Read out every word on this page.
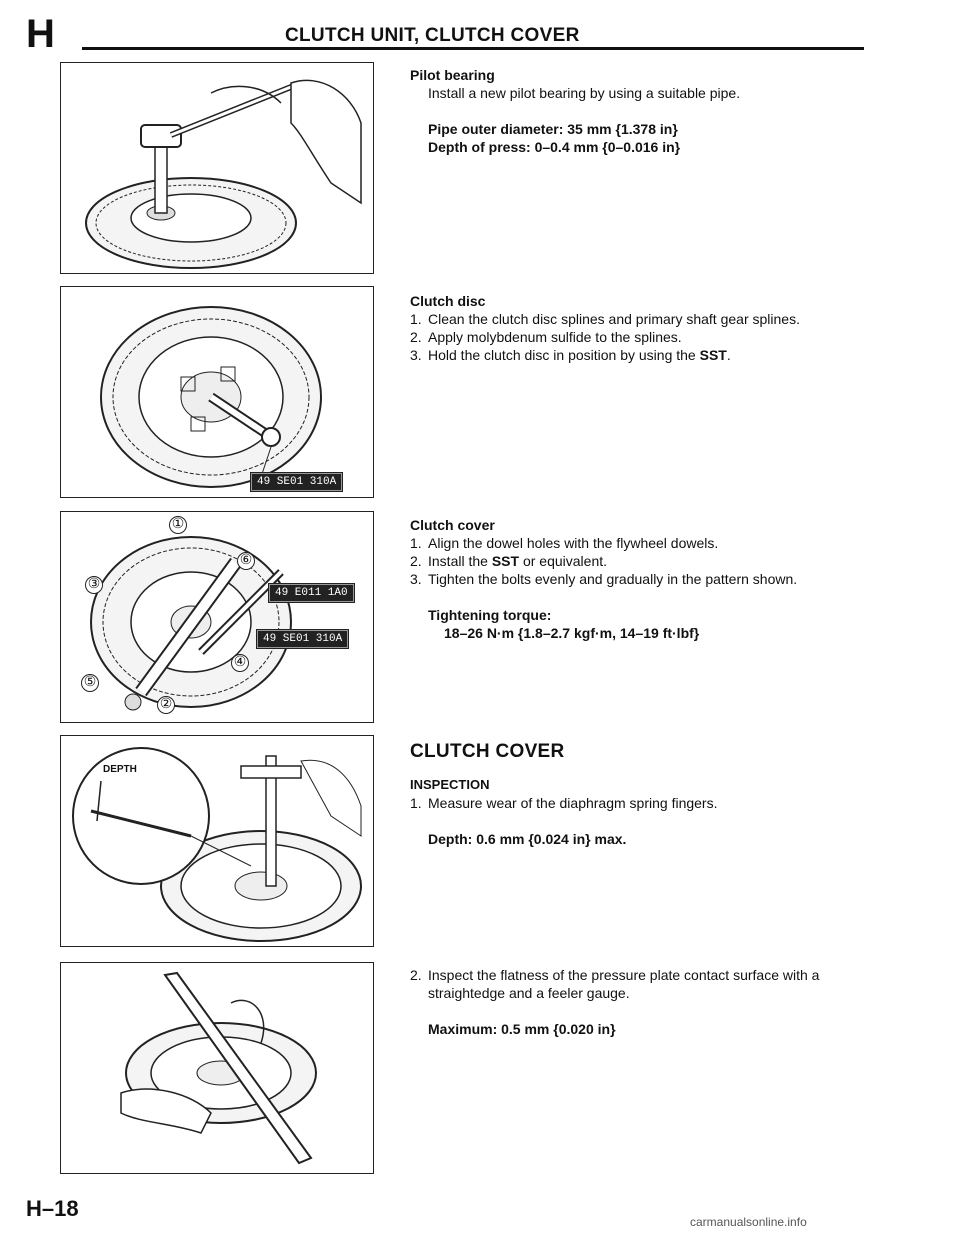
H	CLUTCH UNIT, CLUTCH COVER
49 SE01 310A
①
②
③
④
⑤
⑥
49 E011 1A0
49 SE01 310A
DEPTH
Pilot bearing
Install a new pilot bearing by using a suitable pipe.
Pipe outer diameter: 35 mm {1.378 in}
Depth of press: 0–0.4 mm {0–0.016 in}
Clutch disc
1. Clean the clutch disc splines and primary shaft gear splines.
2. Apply molybdenum sulfide to the splines.
3. Hold the clutch disc in position by using the SST.
Clutch cover
1. Align the dowel holes with the flywheel dowels.
2. Install the SST or equivalent.
3. Tighten the bolts evenly and gradually in the pattern shown.
Tightening torque:
18–26 N·m {1.8–2.7 kgf·m, 14–19 ft·lbf}
CLUTCH COVER
INSPECTION
1. Measure wear of the diaphragm spring fingers.
Depth: 0.6 mm {0.024 in} max.
2. Inspect the flatness of the pressure plate contact surface with a straightedge and a feeler gauge.
Maximum: 0.5 mm {0.020 in}
H–18
carmanualsonline.info
